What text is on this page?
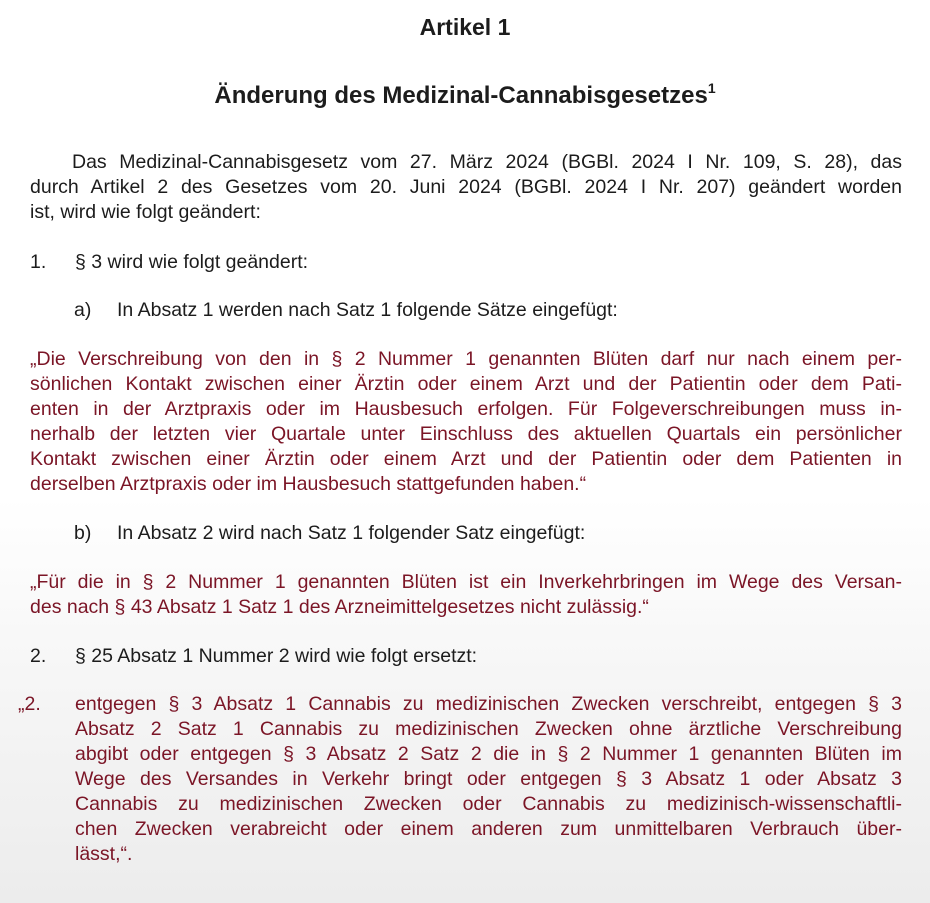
Artikel 1
Änderung des Medizinal-Cannabisgesetzes$^1$
Das Medizinal-Cannabisgesetz vom 27. März 2024 (BGBl. 2024 I Nr. 109, S. 28), das
durch Artikel 2 des Gesetzes vom 20. Juni 2024 (BGBl. 2024 I Nr. 207) geändert worden
ist, wird wie folgt geändert:
1. § 3 wird wie folgt geändert:
a) In Absatz 1 werden nach Satz 1 folgende Sätze eingefügt:
„Die Verschreibung von den in § 2 Nummer 1 genannten Blüten darf nur nach einem per-
sönlichen Kontakt zwischen einer Ärztin oder einem Arzt und der Patientin oder dem Pati-
enten in der Arztpraxis oder im Hausbesuch erfolgen. Für Folgeverschreibungen muss in-
nerhalb der letzten vier Quartale unter Einschluss des aktuellen Quartals ein persönlicher
Kontakt zwischen einer Ärztin oder einem Arzt und der Patientin oder dem Patienten in
derselben Arztpraxis oder im Hausbesuch stattgefunden haben.“
b) In Absatz 2 wird nach Satz 1 folgender Satz eingefügt:
„Für die in § 2 Nummer 1 genannten Blüten ist ein Inverkehrbringen im Wege des Versan-
des nach § 43 Absatz 1 Satz 1 des Arzneimittelgesetzes nicht zulässig.“
2. § 25 Absatz 1 Nummer 2 wird wie folgt ersetzt:
„2. entgegen § 3 Absatz 1 Cannabis zu medizinischen Zwecken verschreibt, entgegen § 3
Absatz 2 Satz 1 Cannabis zu medizinischen Zwecken ohne ärztliche Verschreibung
abgibt oder entgegen § 3 Absatz 2 Satz 2 die in § 2 Nummer 1 genannten Blüten im
Wege des Versandes in Verkehr bringt oder entgegen § 3 Absatz 1 oder Absatz 3
Cannabis zu medizinischen Zwecken oder Cannabis zu medizinisch-wissenschaftli-
chen Zwecken verabreicht oder einem anderen zum unmittelbaren Verbrauch über-
lässt,“.
